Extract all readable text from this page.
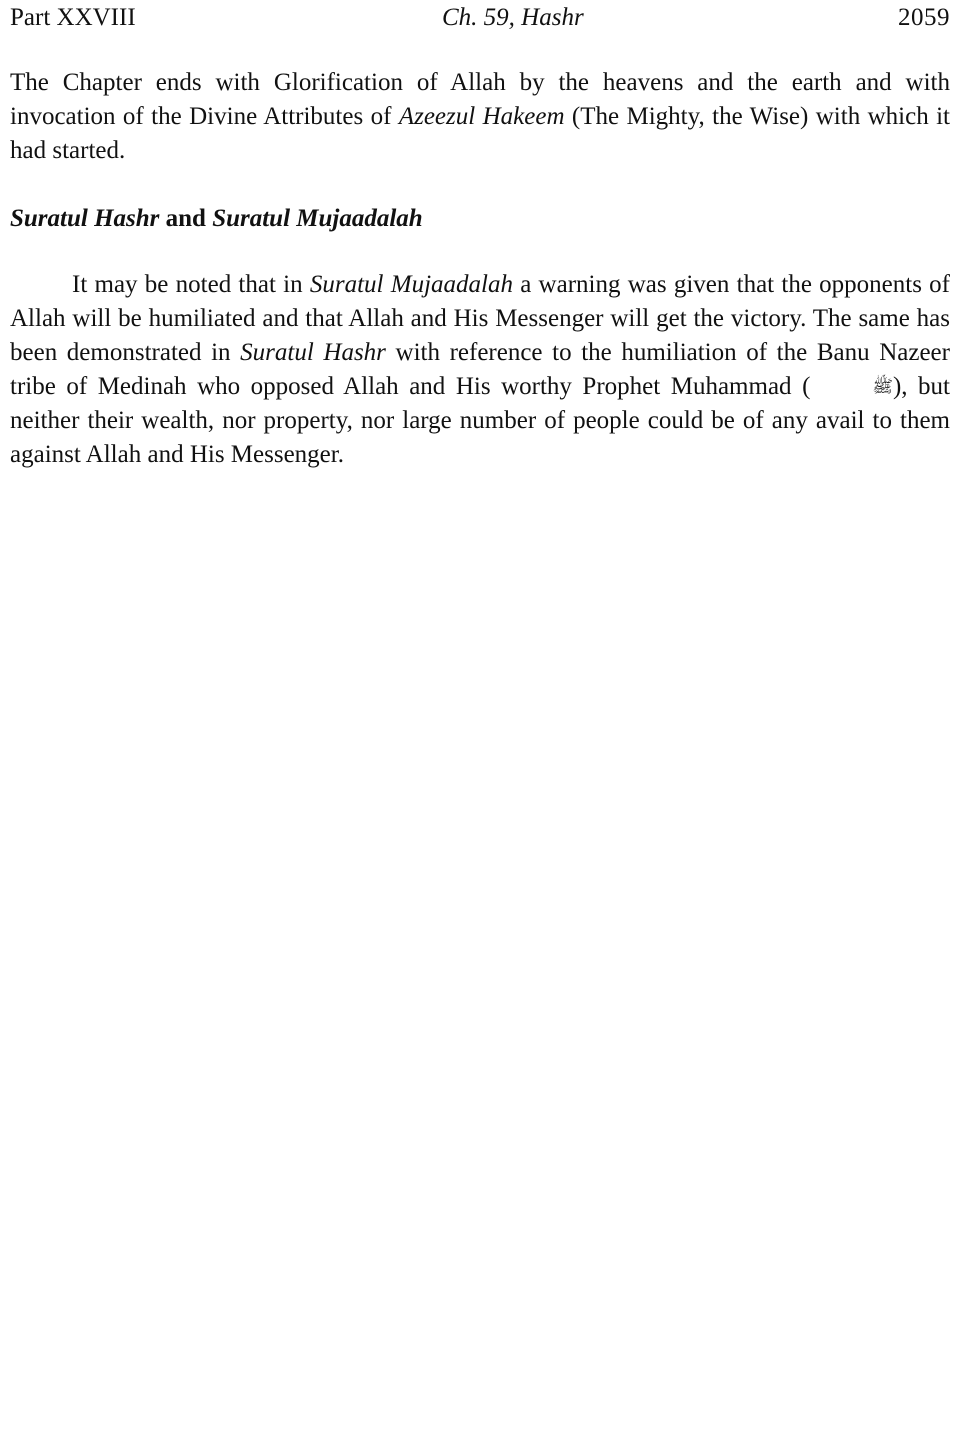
Part XXVIII	Ch. 59, Hashr	2059

The Chapter ends with Glorification of Allah by the heavens and the earth and with invocation of the Divine Attributes of Azeezul Hakeem (The Mighty, the Wise) with which it had started.

Suratul Hashr and Suratul Mujaadalah

It may be noted that in Suratul Mujaadalah a warning was given that the opponents of Allah will be humiliated and that Allah and His Messenger will get the victory. The same has been demonstrated in Suratul Hashr with reference to the humiliation of the Banu Nazeer tribe of Medinah who opposed Allah and His worthy Prophet Muhammad (	ﷺ), but neither their wealth, nor property, nor large number of people could be of any avail to them against Allah and His Messenger.
